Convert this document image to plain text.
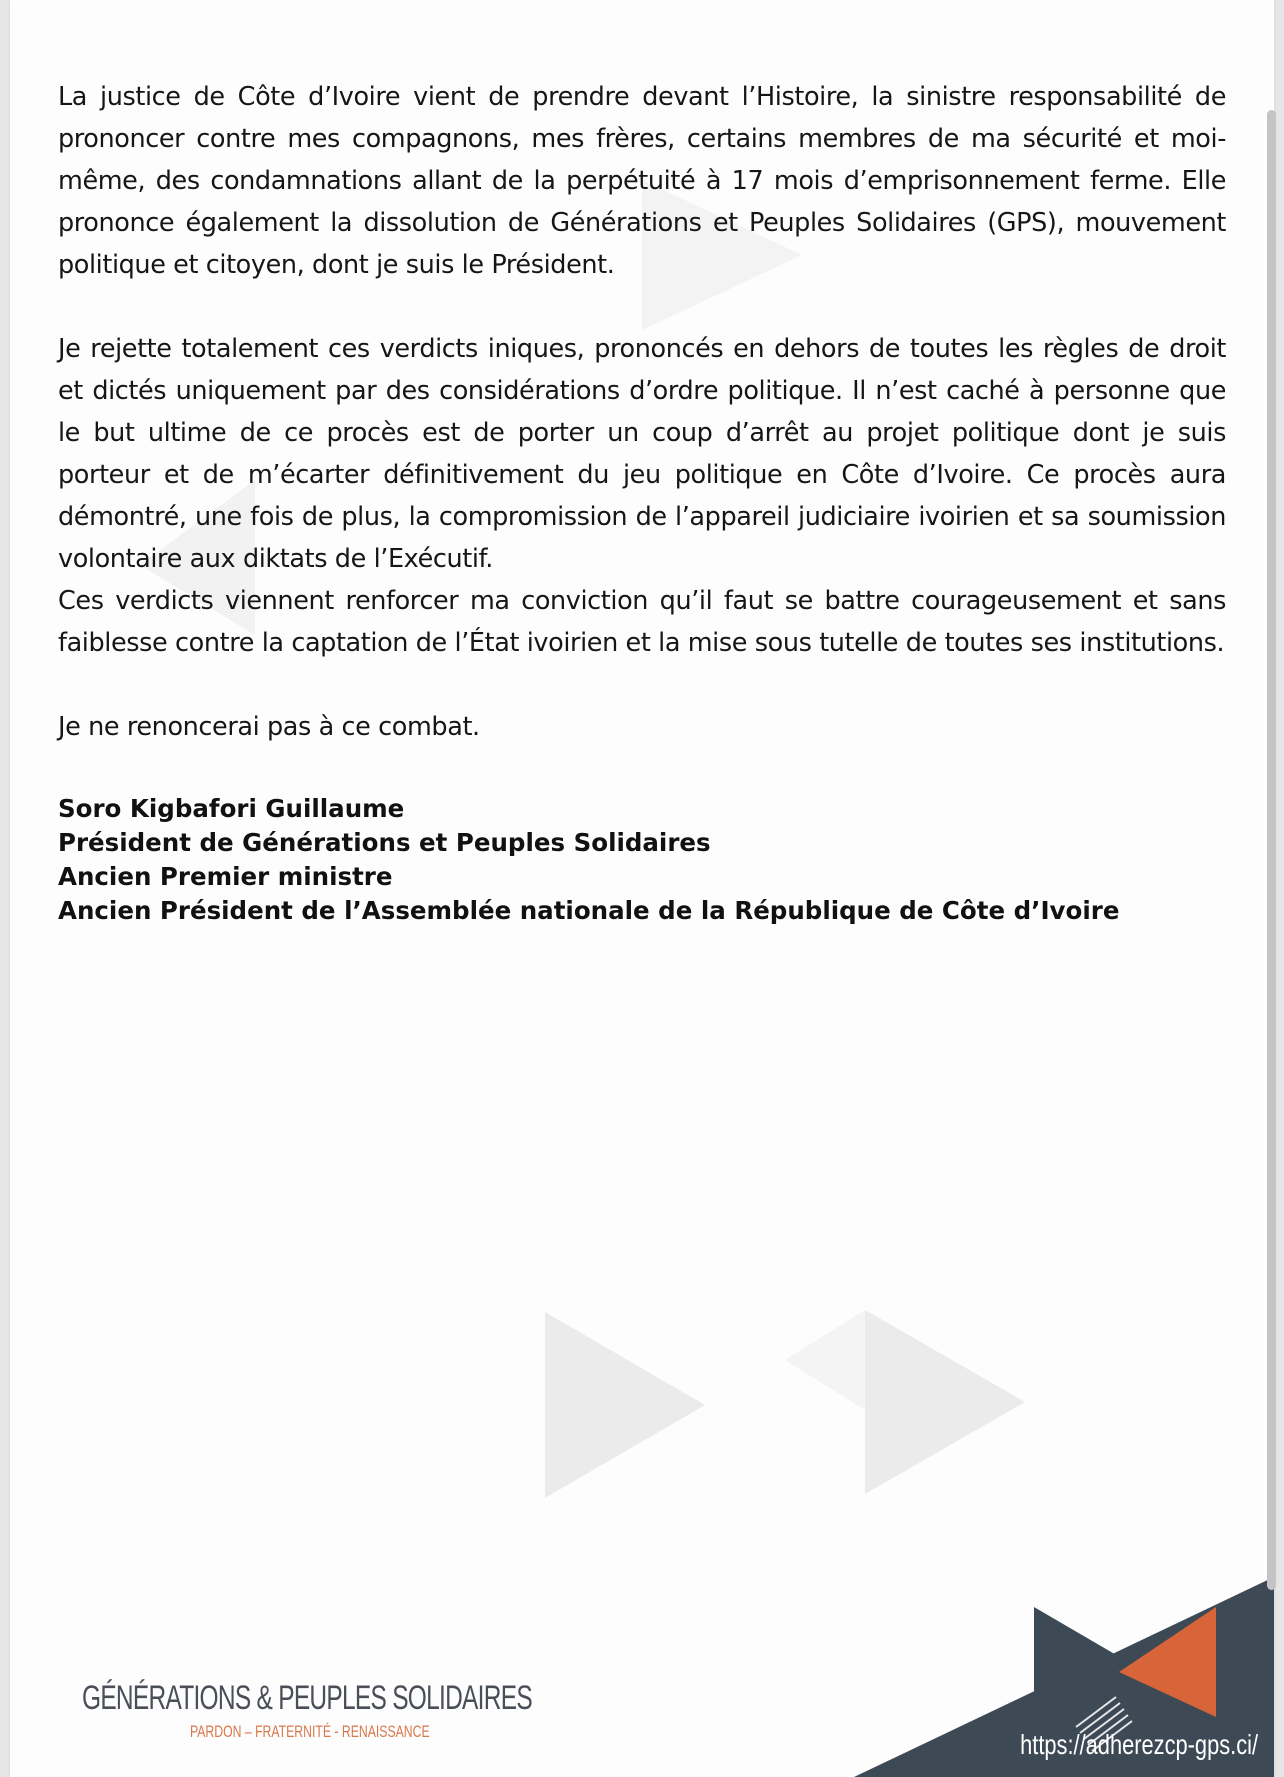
La justice de Côte d’Ivoire vient de prendre devant l’Histoire, la sinistre responsabilité de prononcer contre mes compagnons, mes frères, certains membres de ma sécurité et moi-même, des condamnations allant de la perpétuité à 17 mois d’emprisonnement ferme. Elle prononce également la dissolution de Générations et Peuples Solidaires (GPS), mouvement politique et citoyen, dont je suis le Président.

Je rejette totalement ces verdicts iniques, prononcés en dehors de toutes les règles de droit et dictés uniquement par des considérations d’ordre politique. Il n’est caché à personne que le but ultime de ce procès est de porter un coup d’arrêt au projet politique dont je suis porteur et de m’écarter définitivement du jeu politique en Côte d’Ivoire. Ce procès aura démontré, une fois de plus, la compromission de l’appareil judiciaire ivoirien et sa soumission volontaire aux diktats de l’Exécutif.

Ces verdicts viennent renforcer ma conviction qu’il faut se battre courageusement et sans faiblesse contre la captation de l’État ivoirien et la mise sous tutelle de toutes ses institutions.

Je ne renoncerai pas à ce combat.

Soro Kigbafori Guillaume

Président de Générations et Peuples Solidaires

Ancien Premier ministre

Ancien Président de l’Assemblée nationale de la République de Côte d’Ivoire

GÉNÉRATIONS & PEUPLES SOLIDAIRES
PARDON – FRATERNITÉ - RENAISSANCE	https://adherezcp-gps.ci/
